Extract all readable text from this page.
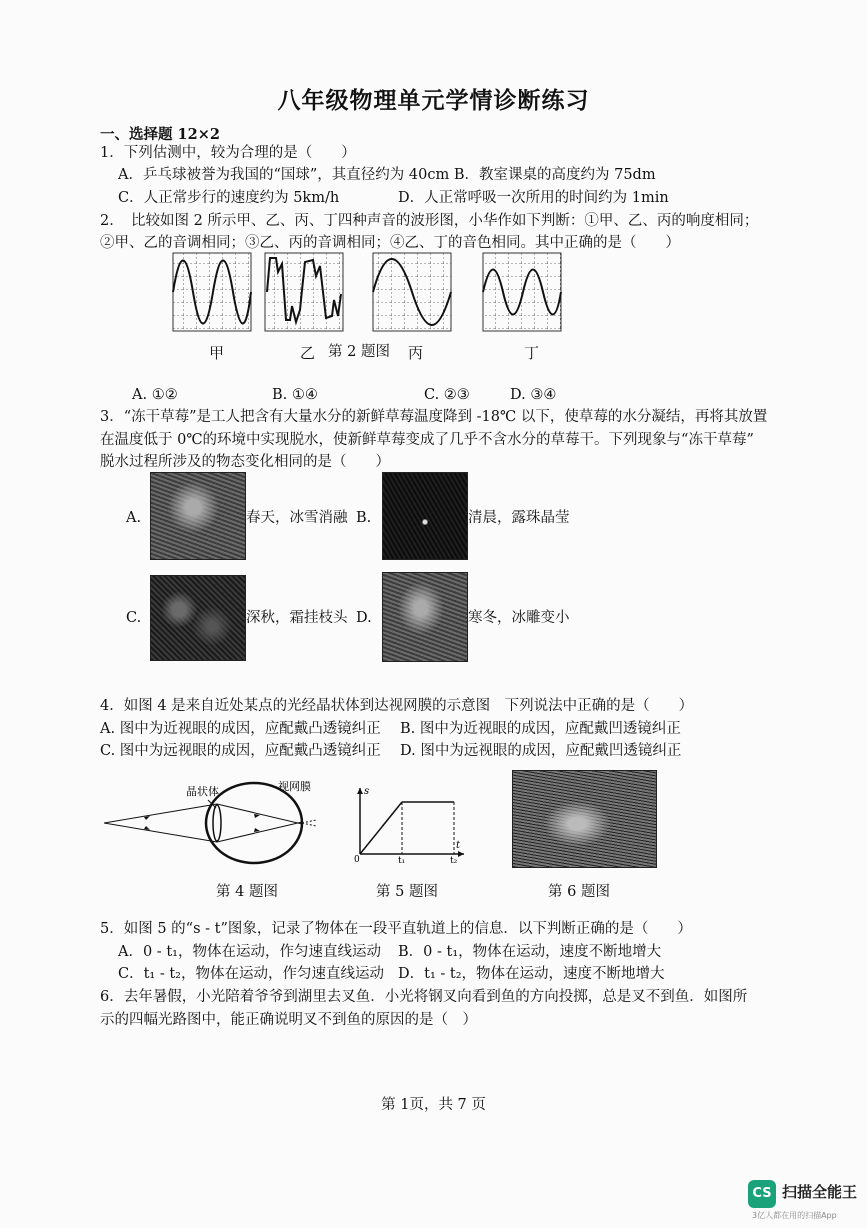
八年级物理单元学情诊断练习
一、选择题 12×2
1．下列估测中，较为合理的是（　　）
A．乒乓球被誉为我国的“国球”，其直径约为 40cm B．教室课桌的高度约为 75dm
C．人正常步行的速度约为 5km/h	D．人正常呼吸一次所用的时间约为 1min
2．　比较如图 2 所示甲、乙、丙、丁四种声音的波形图，小华作如下判断：①甲、乙、丙的响度相同；
②甲、乙的音调相同；③乙、丙的音调相同；④乙、丁的音色相同。其中正确的是（　　）
甲	乙 第 2 题图 丙	丁
A. ①②	B. ①④	C. ②③	D. ③④
3．“冻干草莓”是工人把含有大量水分的新鲜草莓温度降到 -18℃ 以下，使草莓的水分凝结，再将其放置
在温度低于 0℃的环境中实现脱水，使新鲜草莓变成了几乎不含水分的草莓干。下列现象与“冻干草莓”
脱水过程所涉及的物态变化相同的是（　　）
A.	春天，冰雪消融 B.	清晨，露珠晶莹
C.	深秋，霜挂枝头 D.	寒冬，冰雕变小
4．如图 4 是来自近处某点的光经晶状体到达视网膜的示意图　下列说法中正确的是（　　）
A. 图中为近视眼的成因，应配戴凸透镜纠正 B. 图中为近视眼的成因，应配戴凹透镜纠正
C. 图中为远视眼的成因，应配戴凸透镜纠正 D. 图中为远视眼的成因，应配戴凹透镜纠正
晶状体	视网膜	s
t
0	t₁	t₂
第 4 题图	第 5 题图	第 6 题图
5．如图 5 的“s - t”图象，记录了物体在一段平直轨道上的信息．以下判断正确的是（　　）
A．0 - t₁，物体在运动，作匀速直线运动 B．0 - t₁，物体在运动，速度不断地增大
C．t₁ - t₂，物体在运动，作匀速直线运动 D．t₁ - t₂，物体在运动，速度不断地增大
6．去年暑假，小光陪着爷爷到湖里去叉鱼．小光将钢叉向看到鱼的方向投掷，总是叉不到鱼．如图所
示的四幅光路图中，能正确说明叉不到鱼的原因的是（　）
第 1页，共 7 页
CS 扫描全能王
3亿人都在用的扫描App
